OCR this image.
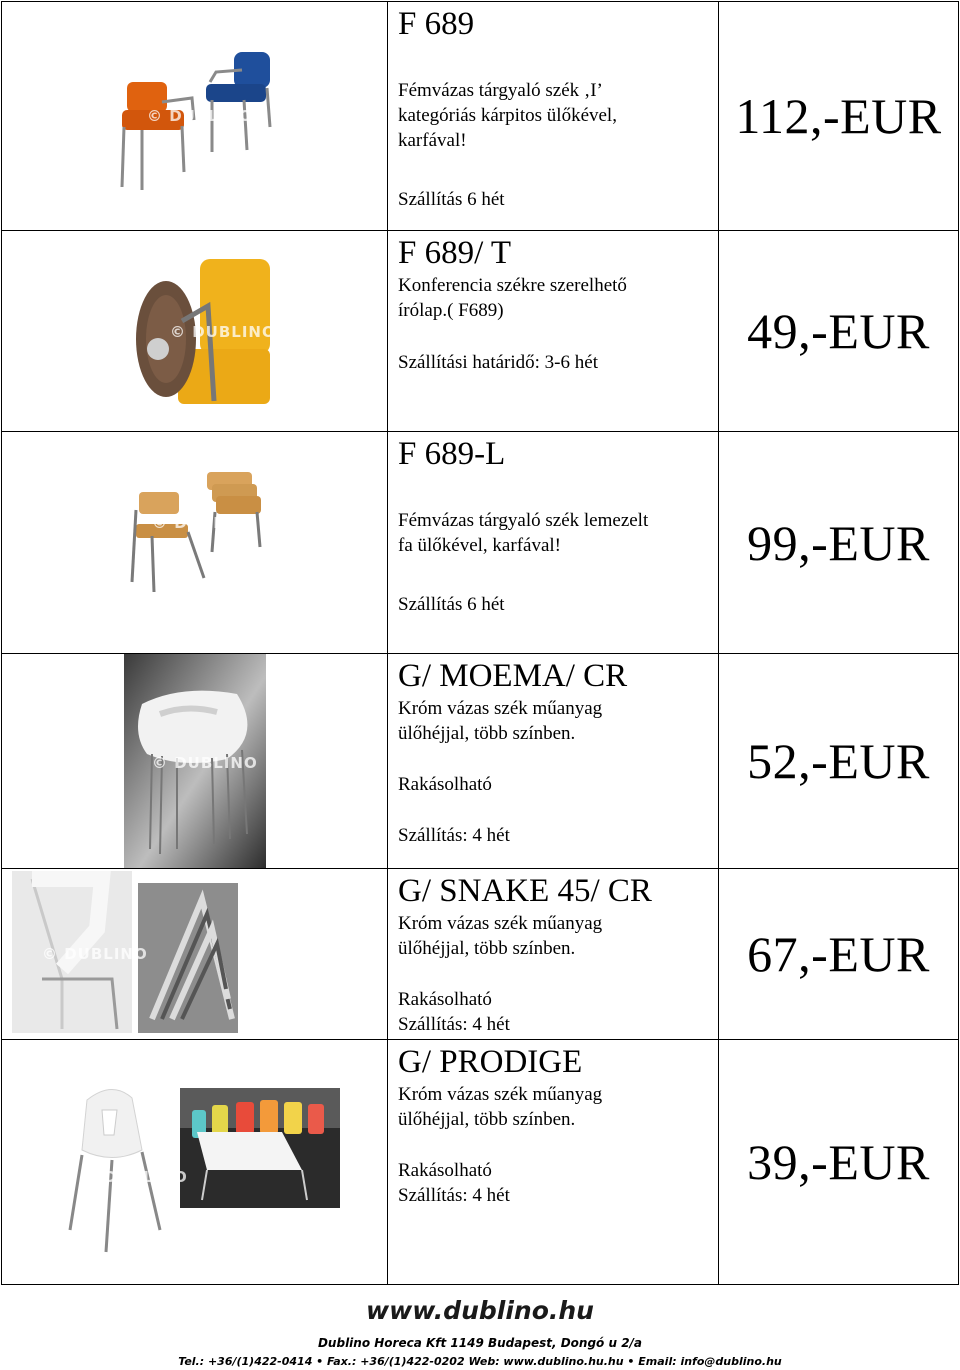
© DUBLINO	F 689

Fémvázas tárgyaló szék ‚I’

kategóriás kárpitos ülőkével,

karfával!

Szállítás 6 hét	112,-EUR

© DUBLINO	F 689/ T

Konferencia székre szerelhető

írólap.( F689)

Szállítási határidő: 3-6 hét	49,-EUR

© DUBLINO	F 689-L

Fémvázas tárgyaló szék lemezelt

fa ülőkével, karfával!

Szállítás 6 hét	99,-EUR

© DUBLINO	G/ MOEMA/ CR

Króm vázas szék műanyag

ülőhéjjal, több színben.

Rakásolható

Szállítás: 4 hét	52,-EUR

© DUBLINO	G/ SNAKE 45/ CR

Króm vázas szék műanyag

ülőhéjjal, több színben.

Rakásolható

Szállítás: 4 hét	67,-EUR

© DUBLINO	G/ PRODIGE

Króm vázas szék műanyag

ülőhéjjal, több színben.

Rakásolható

Szállítás: 4 hét	39,-EUR
www.dublino.hu
Dublino Horeca Kft 1149 Budapest, Dongó u 2/a
Tel.: +36/(1)422-0414 • Fax.: +36/(1)422-0202 Web: www.dublino.hu.hu • Email: info@dublino.hu
